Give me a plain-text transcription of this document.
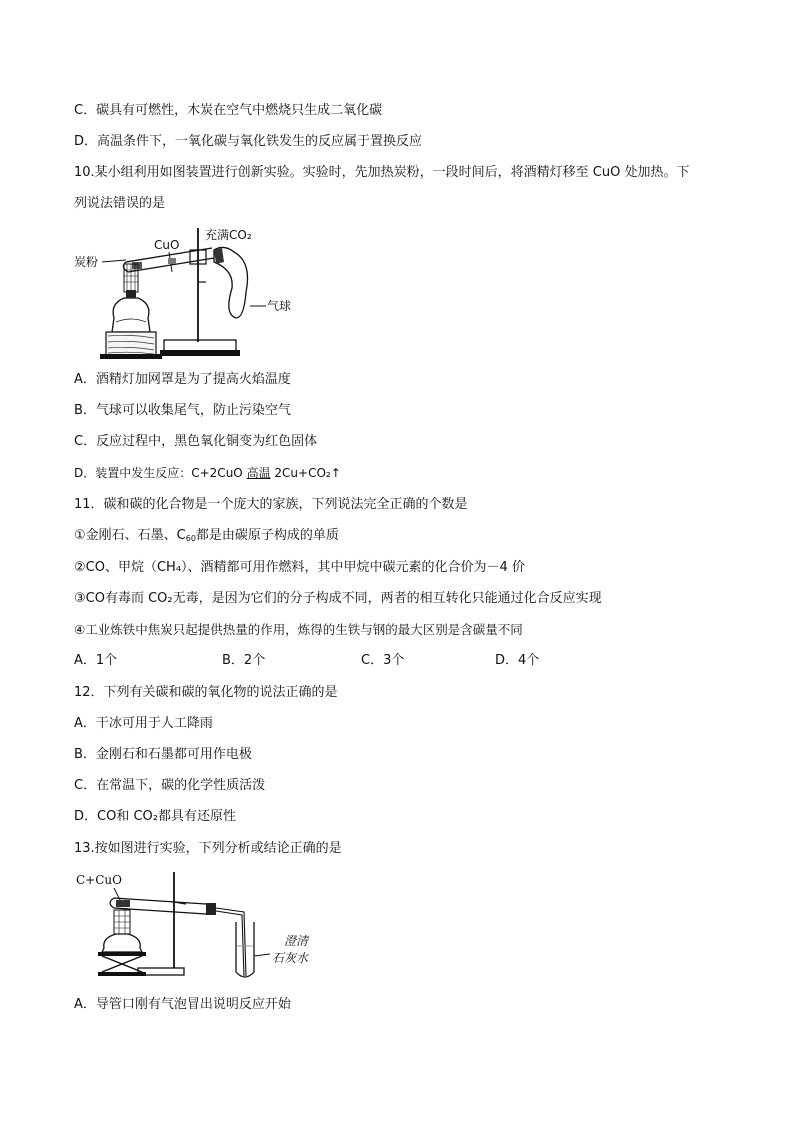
C．碳具有可燃性，木炭在空气中燃烧只生成二氧化碳
D．高温条件下，一氧化碳与氧化铁发生的反应属于置换反应
10.某小组利用如图装置进行创新实验。实验时，先加热炭粉，一段时间后，将酒精灯移至 CuO 处加热。下
列说法错误的是
炭粉
CuO
充满CO₂
气球
A．酒精灯加网罩是为了提高火焰温度
B．气球可以收集尾气，防止污染空气
C．反应过程中，黑色氧化铜变为红色固体
D．装置中发生反应：C+2CuO 高温 2Cu+CO₂↑
11．碳和碳的化合物是一个庞大的家族，下列说法完全正确的个数是
①金刚石、石墨、$C_{60}$都是由碳原子构成的单质
②CO、甲烷（CH₄）、酒精都可用作燃料，其中甲烷中碳元素的化合价为－4 价
③CO有毒而 CO₂无毒，是因为它们的分子构成不同，两者的相互转化只能通过化合反应实现
④工业炼铁中焦炭只起提供热量的作用，炼得的生铁与钢的最大区别是含碳量不同
A．1个	B．2个	C．3个	D．4个
12．下列有关碳和碳的氧化物的说法正确的是
A．干冰可用于人工降雨
B．金刚石和石墨都可用作电极
C．在常温下，碳的化学性质活泼
D．CO和 CO₂都具有还原性
13.按如图进行实验，下列分析或结论正确的是
C+CuO
澄清
石灰水
A．导管口刚有气泡冒出说明反应开始
